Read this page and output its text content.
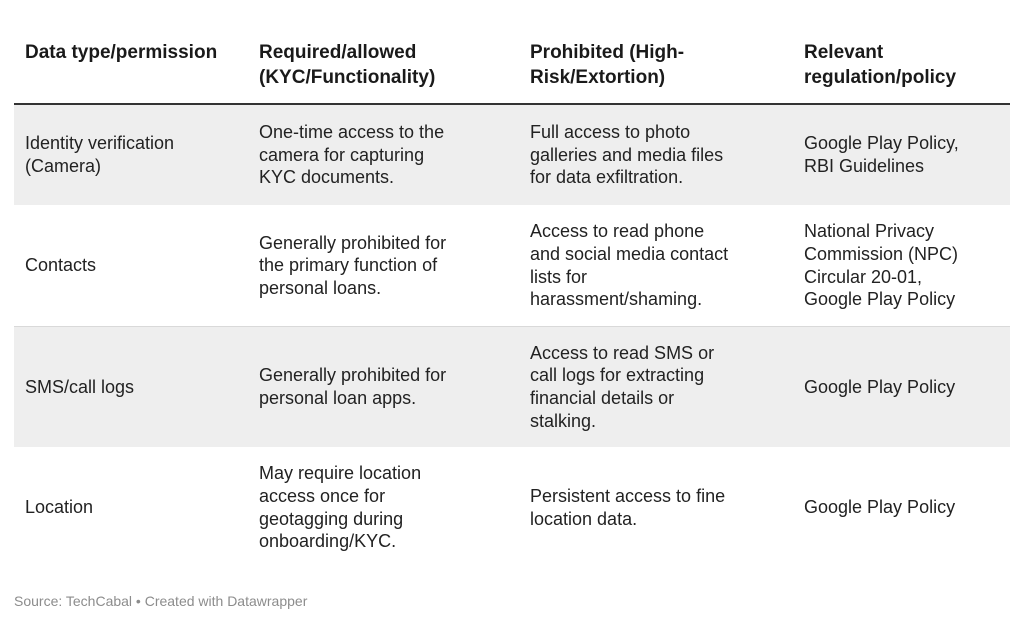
Data type/permission	Required/allowed (KYC/Functionality)
Prohibited (High- Risk/Extortion)
Relevant regulation/policy
Identity verification
(Camera)
One-time access to the
camera for capturing
KYC documents.
Full access to photo
galleries and media files
for data exfiltration.
Google Play Policy,
RBI Guidelines
Contacts
Generally prohibited for
the primary function of
personal loans.
Access to read phone
and social media contact
lists for
harassment/shaming.
National Privacy
Commission (NPC)
Circular 20-01,
Google Play Policy
SMS/call logs
Generally prohibited for
personal loan apps.
Access to read SMS or
call logs for extracting
financial details or
stalking.
Google Play Policy
Location
May require location
access once for
geotagging during
onboarding/KYC.
Persistent access to fine
location data.
Google Play Policy
Source: TechCabal • Created with Datawrapper
